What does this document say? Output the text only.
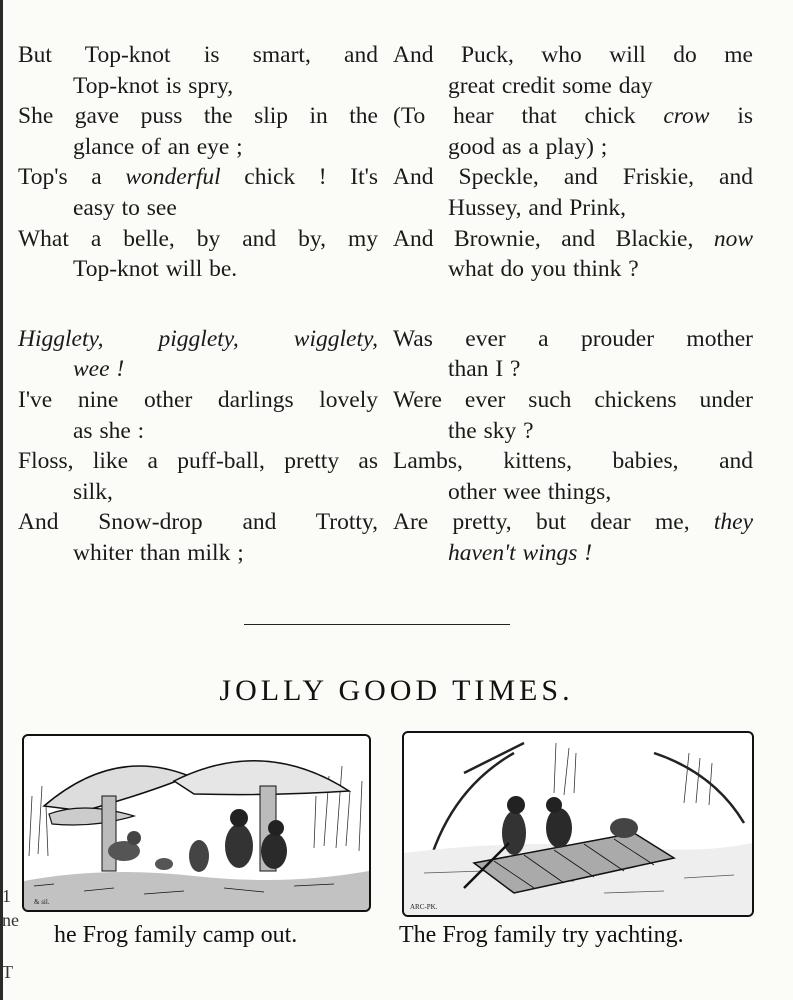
But Top-knot is smart, and
Top-knot is spry,
She gave puss the slip in the
glance of an eye ;
Top's a wonderful chick ! It's
easy to see
What a belle, by and by, my
Top-knot will be.
Higglety, pigglety, wigglety,
wee !
I've nine other darlings lovely
as she :
Floss, like a puff-ball, pretty as
silk,
And Snow-drop and Trotty,
whiter than milk ;
And Puck, who will do me
great credit some day
(To hear that chick crow is
good as a play) ;
And Speckle, and Friskie, and
Hussey, and Prink,
And Brownie, and Blackie, now
what do you think ?
Was ever a prouder mother
than I ?
Were ever such chickens under
the sky ?
Lambs, kittens, babies, and
other wee things,
Are pretty, but dear me, they
haven't wings !
JOLLY GOOD TIMES.
& sil.
ARC-PK.
he Frog family camp out.	The Frog family try yachting.
1
ne
T
